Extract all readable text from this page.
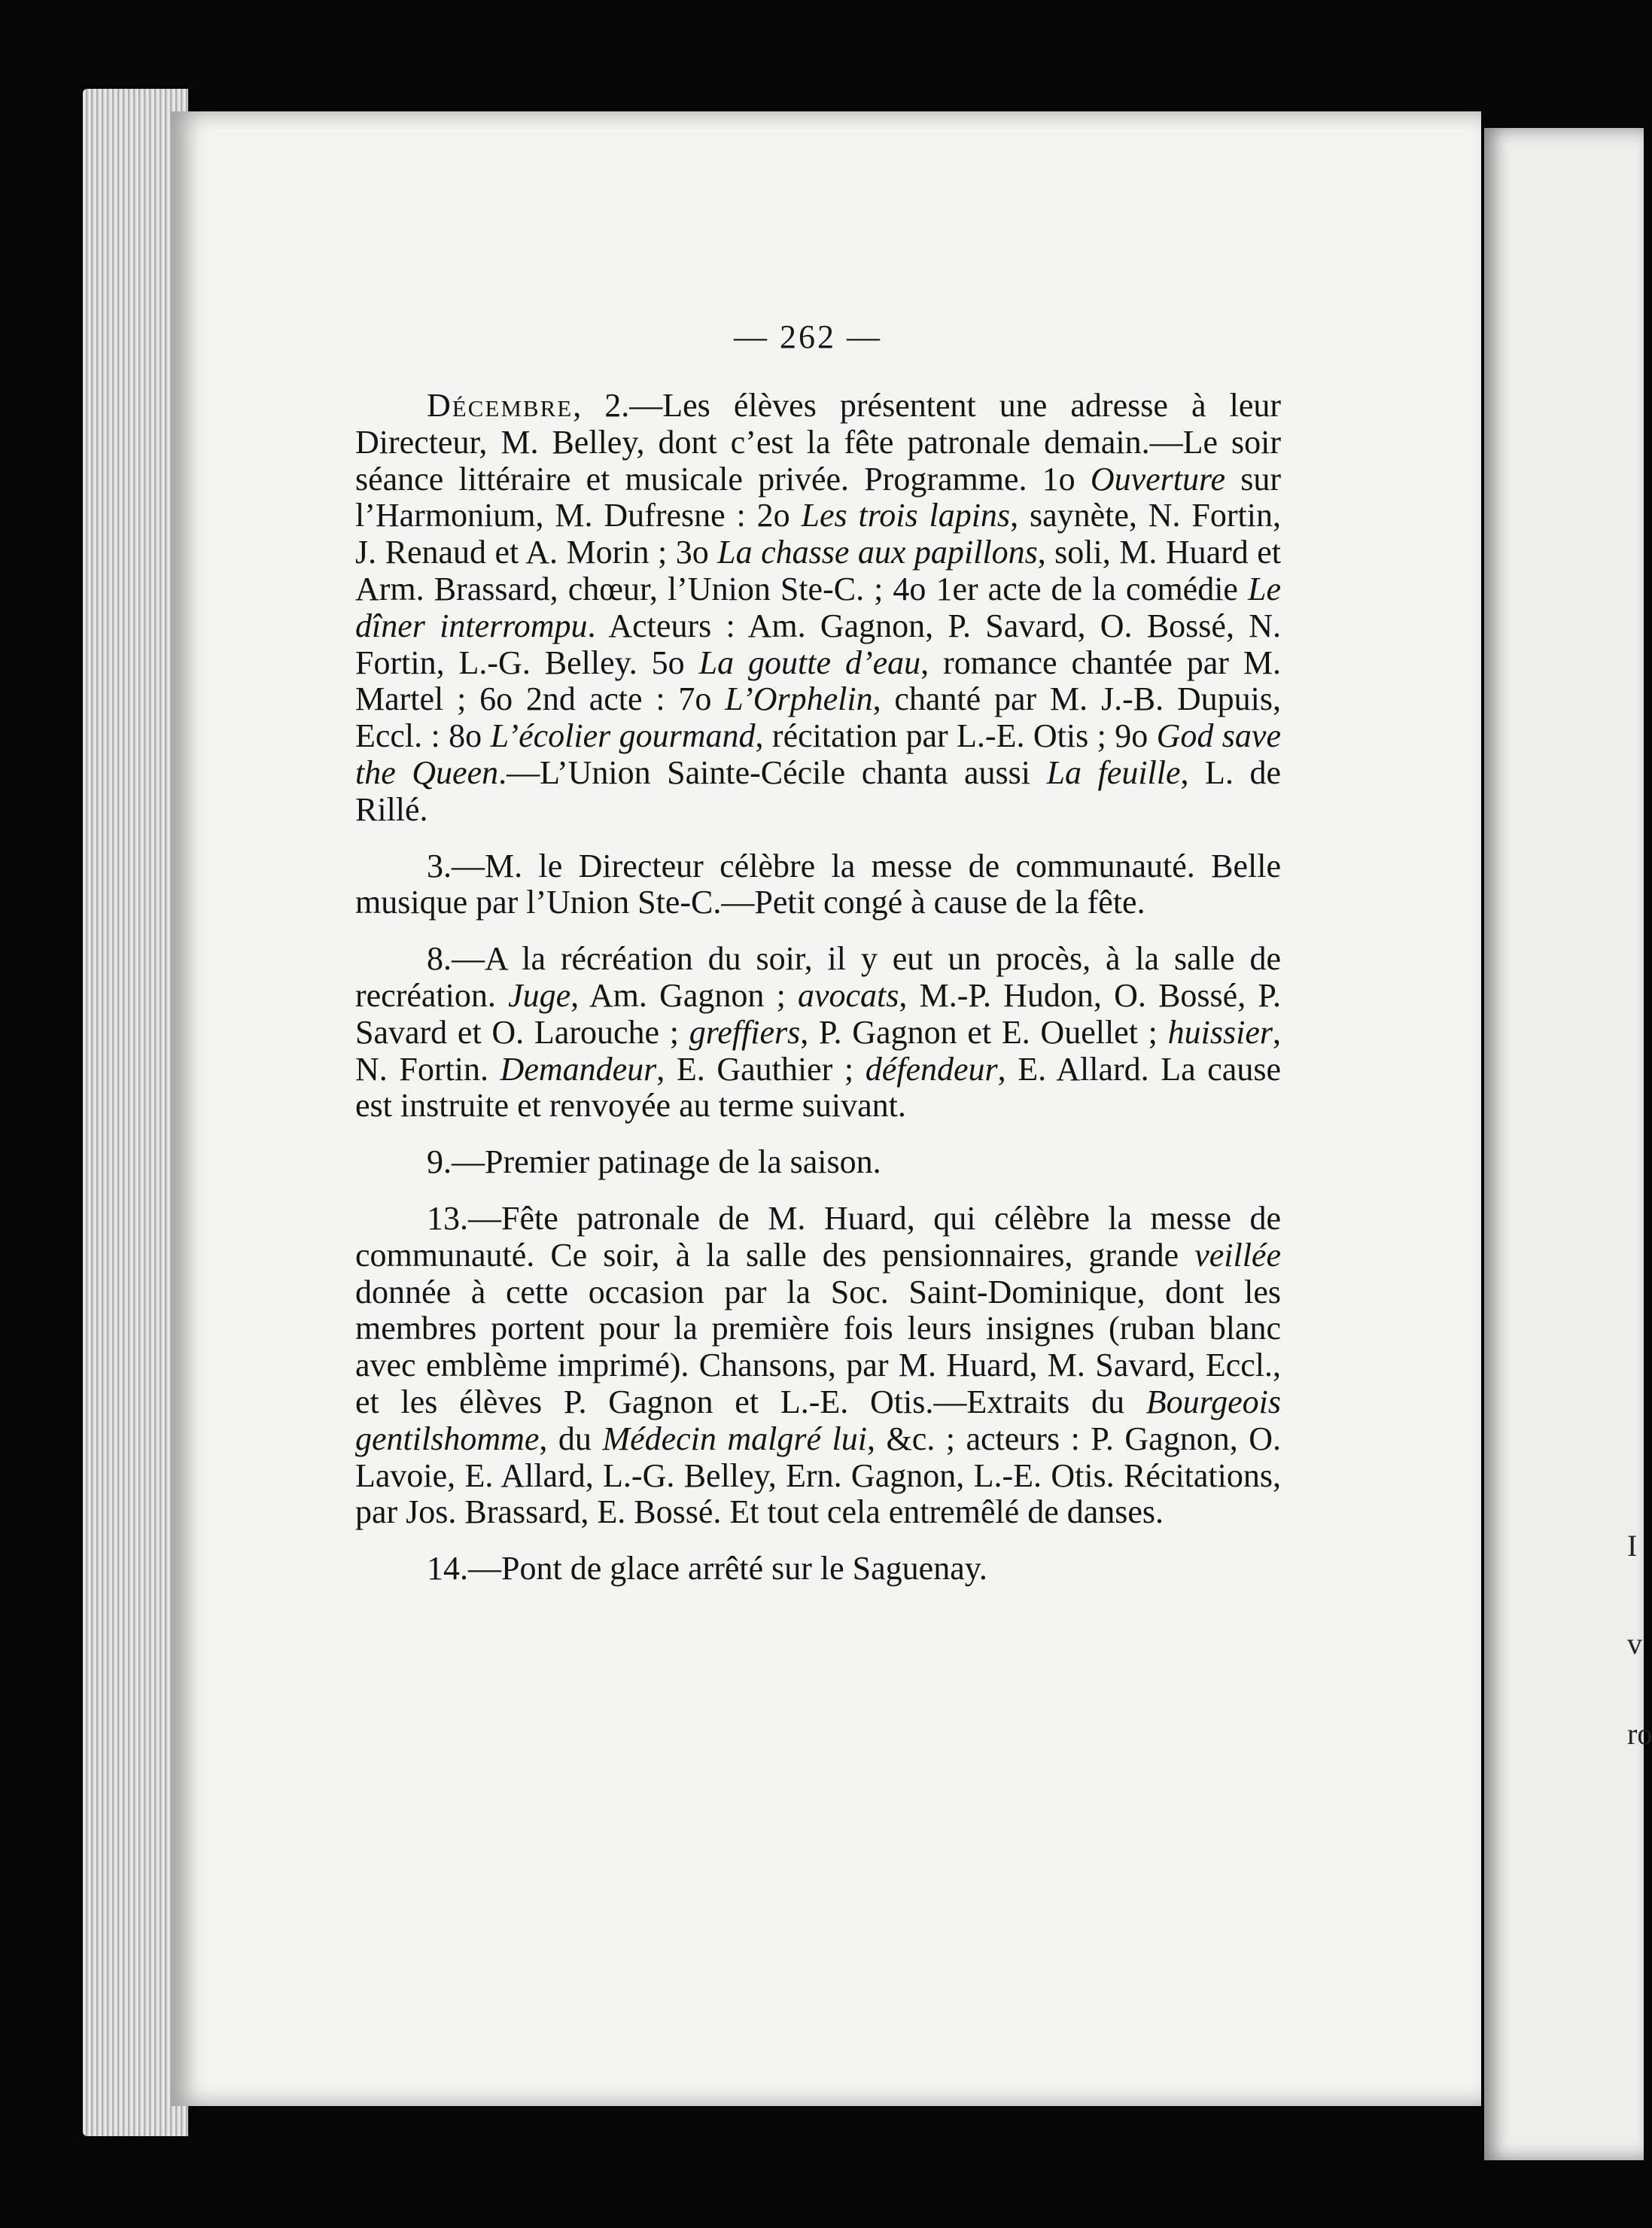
I
v
ro
— 262 —

Décembre, 2.—Les élèves présentent une adresse à leur Directeur, M. Belley, dont c’est la fête patronale demain.—Le soir séance littéraire et musicale privée. Programme. 1o Ouverture sur l’Harmonium, M. Dufresne : 2o Les trois lapins, saynète, N. Fortin, J. Renaud et A. Morin ; 3o La chasse aux papillons, soli, M. Huard et Arm. Brassard, chœur, l’Union Ste-C. ; 4o 1er acte de la comédie Le dîner interrompu. Acteurs : Am. Gagnon, P. Savard, O. Bossé, N. Fortin, L.-G. Belley. 5o La goutte d’eau, romance chantée par M. Martel ; 6o 2nd acte : 7o L’Orphelin, chanté par M. J.-B. Dupuis, Eccl. : 8o L’écolier gourmand, récitation par L.-E. Otis ; 9o God save the Queen.—L’Union Sainte-Cécile chanta aussi La feuille, L. de Rillé.

3.—M. le Directeur célèbre la messe de communauté. Belle musique par l’Union Ste-C.—Petit congé à cause de la fête.

8.—A la récréation du soir, il y eut un procès, à la salle de recréation. Juge, Am. Gagnon ; avocats, M.-P. Hudon, O. Bossé, P. Savard et O. Larouche ; greffiers, P. Gagnon et E. Ouellet ; huissier, N. Fortin. Demandeur, E. Gauthier ; défendeur, E. Allard. La cause est instruite et renvoyée au terme suivant.

9.—Premier patinage de la saison.

13.—Fête patronale de M. Huard, qui célèbre la messe de communauté. Ce soir, à la salle des pensionnaires, grande veillée donnée à cette occasion par la Soc. Saint-Dominique, dont les membres portent pour la première fois leurs insignes (ruban blanc avec emblème imprimé). Chansons, par M. Huard, M. Savard, Eccl., et les élèves P. Gagnon et L.-E. Otis.—Extraits du Bourgeois gentilshomme, du Médecin malgré lui, &c. ; acteurs : P. Gagnon, O. Lavoie, E. Allard, L.-G. Belley, Ern. Gagnon, L.-E. Otis. Récitations, par Jos. Brassard, E. Bossé. Et tout cela entremêlé de danses.

14.—Pont de glace arrêté sur le Saguenay.
